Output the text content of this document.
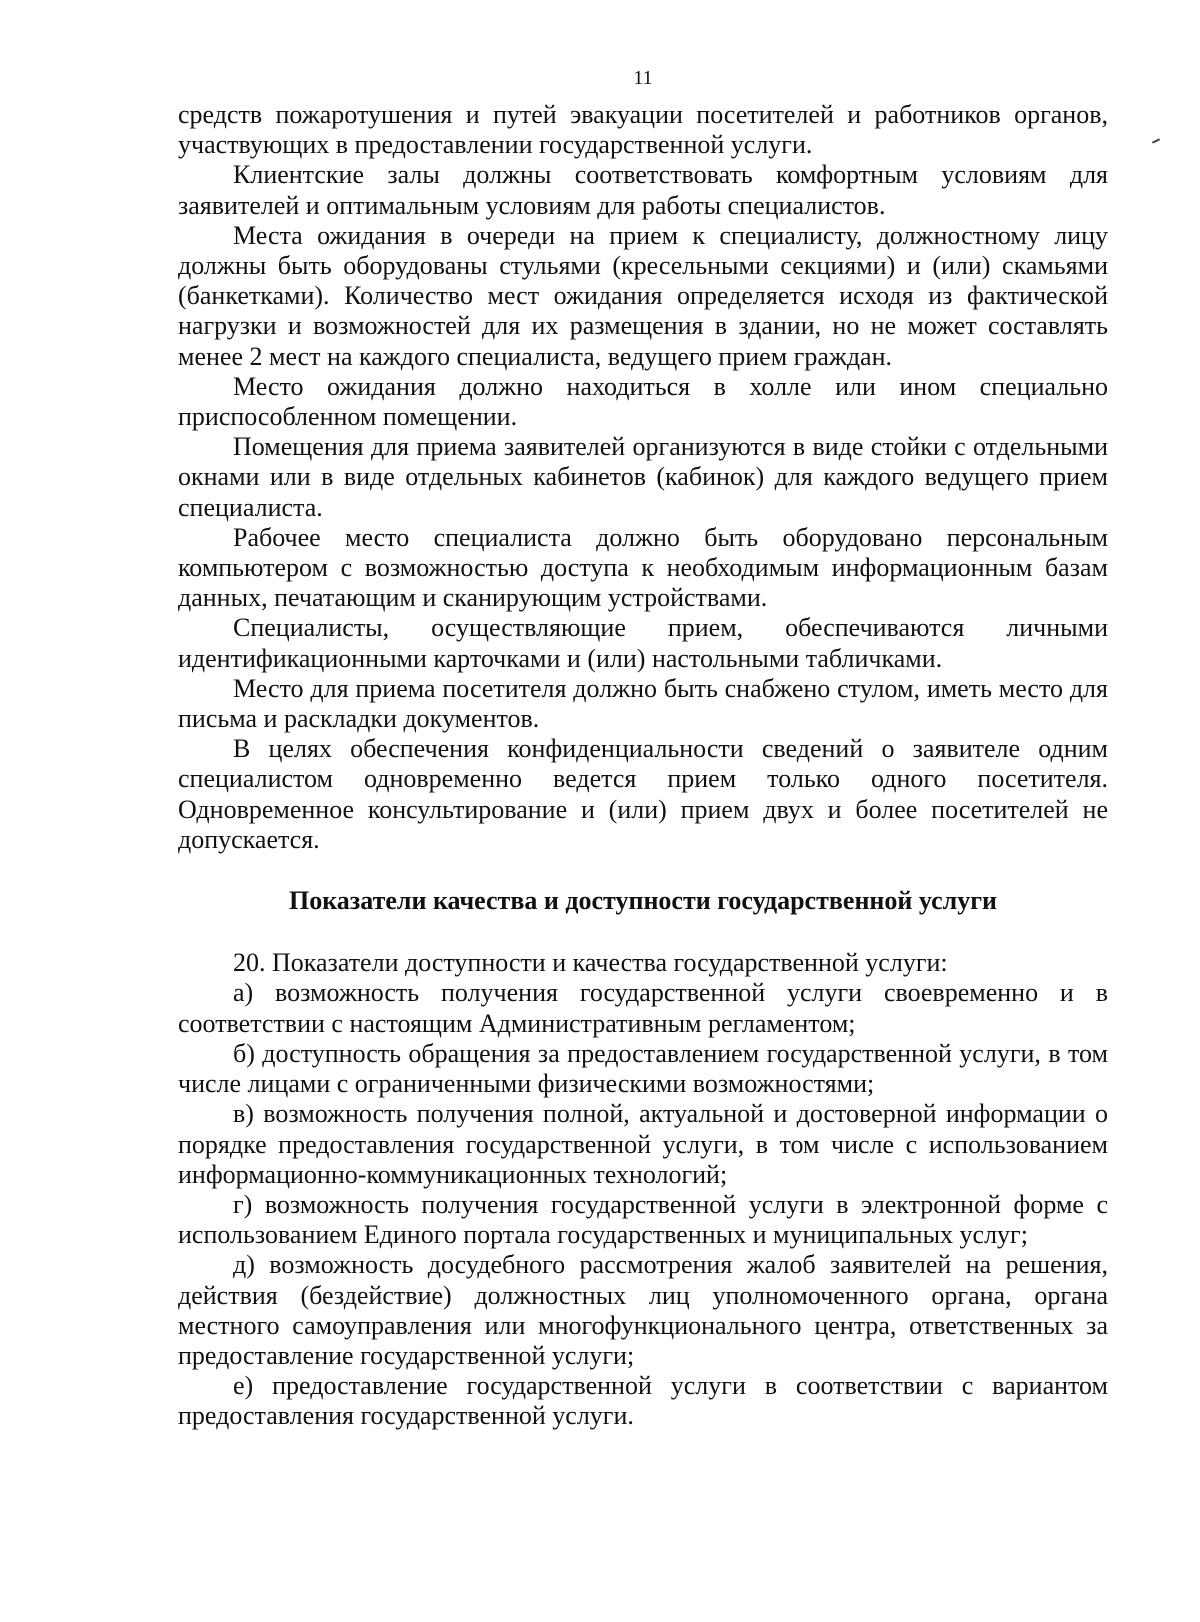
11

средств пожаротушения и путей эвакуации посетителей и работников органов, участвующих в предоставлении государственной услуги.

Клиентские залы должны соответствовать комфортным условиям для заявителей и оптимальным условиям для работы специалистов.

Места ожидания в очереди на прием к специалисту, должностному лицу должны быть оборудованы стульями (кресельными секциями) и (или) скамьями (банкетками). Количество мест ожидания определяется исходя из фактической нагрузки и возможностей для их размещения в здании, но не может составлять менее 2 мест на каждого специалиста, ведущего прием граждан.

Место ожидания должно находиться в холле или ином специально приспособленном помещении.

Помещения для приема заявителей организуются в виде стойки с отдельными окнами или в виде отдельных кабинетов (кабинок) для каждого ведущего прием специалиста.

Рабочее место специалиста должно быть оборудовано персональным компьютером с возможностью доступа к необходимым информационным базам данных, печатающим и сканирующим устройствами.

Специалисты, осуществляющие прием, обеспечиваются личными идентификационными карточками и (или) настольными табличками.

Место для приема посетителя должно быть снабжено стулом, иметь место для письма и раскладки документов.

В целях обеспечения конфиденциальности сведений о заявителе одним специалистом одновременно ведется прием только одного посетителя. Одновременное консультирование и (или) прием двух и более посетителей не допускается.

Показатели качества и доступности государственной услуги

20. Показатели доступности и качества государственной услуги:

а) возможность получения государственной услуги своевременно и в соответствии с настоящим Административным регламентом;

б) доступность обращения за предоставлением государственной услуги, в том числе лицами с ограниченными физическими возможностями;

в) возможность получения полной, актуальной и достоверной информации о порядке предоставления государственной услуги, в том числе с использованием информационно-коммуникационных технологий;

г) возможность получения государственной услуги в электронной форме с использованием Единого портала государственных и муниципальных услуг;

д) возможность досудебного рассмотрения жалоб заявителей на решения, действия (бездействие) должностных лиц уполномоченного органа, органа местного самоуправления или многофункционального центра, ответственных за предоставление государственной услуги;

е) предоставление государственной услуги в соответствии с вариантом предоставления государственной услуги.
